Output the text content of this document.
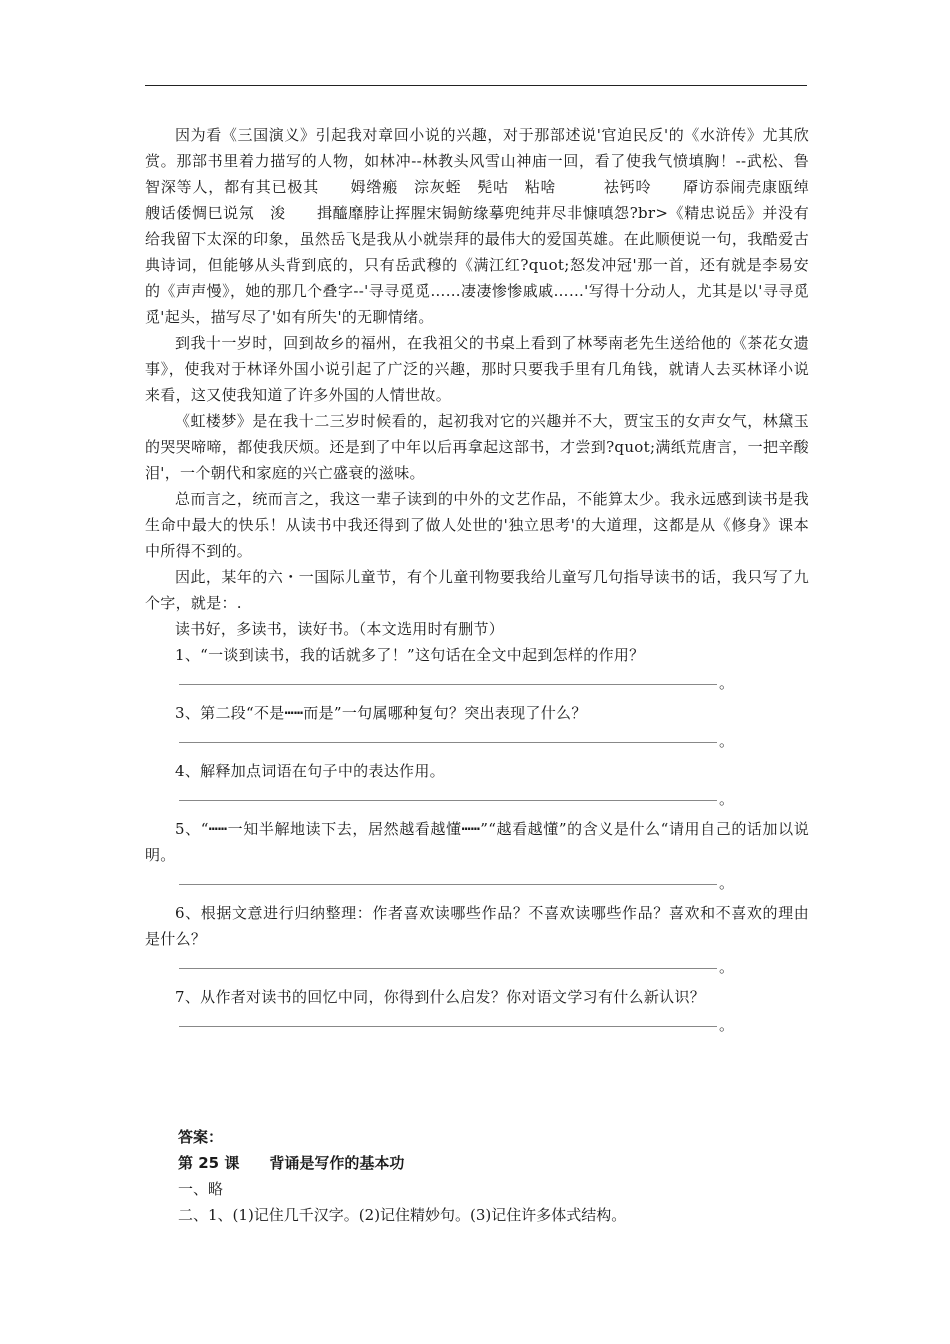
因为看《三国演义》引起我对章回小说的兴趣，对于那部述说'官迫民反'的《水浒传》尤其欣赏。那部书里着力描写的人物，如林冲--林教头风雪山神庙一回，看了使我气愤填胸！--武松、鲁智深等人，都有其已极其　　姆绺瘢　淙灰蛭　髡咕　粘啥　　　祛钙呤　　厣访忝闹壳康瓯绰　艘话倭惆巳说氖　浚　　揖醯靡脖让挥腥宋锔鲂缘摹兜纯茾尽非慷嗔怨?br>《精忠说岳》并没有给我留下太深的印象，虽然岳飞是我从小就崇拜的最伟大的爱国英雄。在此顺便说一句，我酷爱古典诗词，但能够从头背到底的，只有岳武穆的《满江红?quot;怒发冲冠'那一首，还有就是李易安的《声声慢》，她的那几个叠字--'寻寻觅觅……凄凄惨惨戚戚……'写得十分动人，尤其是以'寻寻觅觅'起头，描写尽了'如有所失'的无聊情绪。

到我十一岁时，回到故乡的福州，在我祖父的书桌上看到了林琴南老先生送给他的《茶花女遗事》，使我对于林译外国小说引起了广泛的兴趣，那时只要我手里有几角钱，就请人去买林译小说来看，这又使我知道了许多外国的人情世故。

《虹楼梦》是在我十二三岁时候看的，起初我对它的兴趣并不大，贾宝玉的女声女气，林黛玉的哭哭啼啼，都使我厌烦。还是到了中年以后再拿起这部书，才尝到?quot;满纸荒唐言，一把辛酸泪'，一个朝代和家庭的兴亡盛衰的滋味。

总而言之，统而言之，我这一辈子读到的中外的文艺作品，不能算太少。我永远感到读书是我生命中最大的快乐！从读书中我还得到了做人处世的'独立思考'的大道理，这都是从《修身》课本中所得不到的。

因此，某年的六・一国际儿童节，有个儿童刊物要我给儿童写几句指导读书的话，我只写了九个字，就是：.

读书好，多读书，读好书。（本文选用时有删节）

1、“一谈到读书，我的话就多了！”这句话在全文中起到怎样的作用？

。

3、第二段“不是┅┅而是”一句属哪种复句？突出表现了什么？

。

4、解释加点词语在句子中的表达作用。

。

5、“┅┅一知半解地读下去，居然越看越懂┅┅”“越看越懂”的含义是什么“请用自己的话加以说明。

。

6、根据文意进行归纳整理：作者喜欢读哪些作品？不喜欢读哪些作品？喜欢和不喜欢的理由是什么？

。

7、从作者对读书的回忆中同，你得到什么启发？你对语文学习有什么新认识？

。

答案：

第 25 课　　背诵是写作的基本功

一、略

二、1、(1)记住几千汉字。(2)记住精妙句。(3)记住许多体式结构。
